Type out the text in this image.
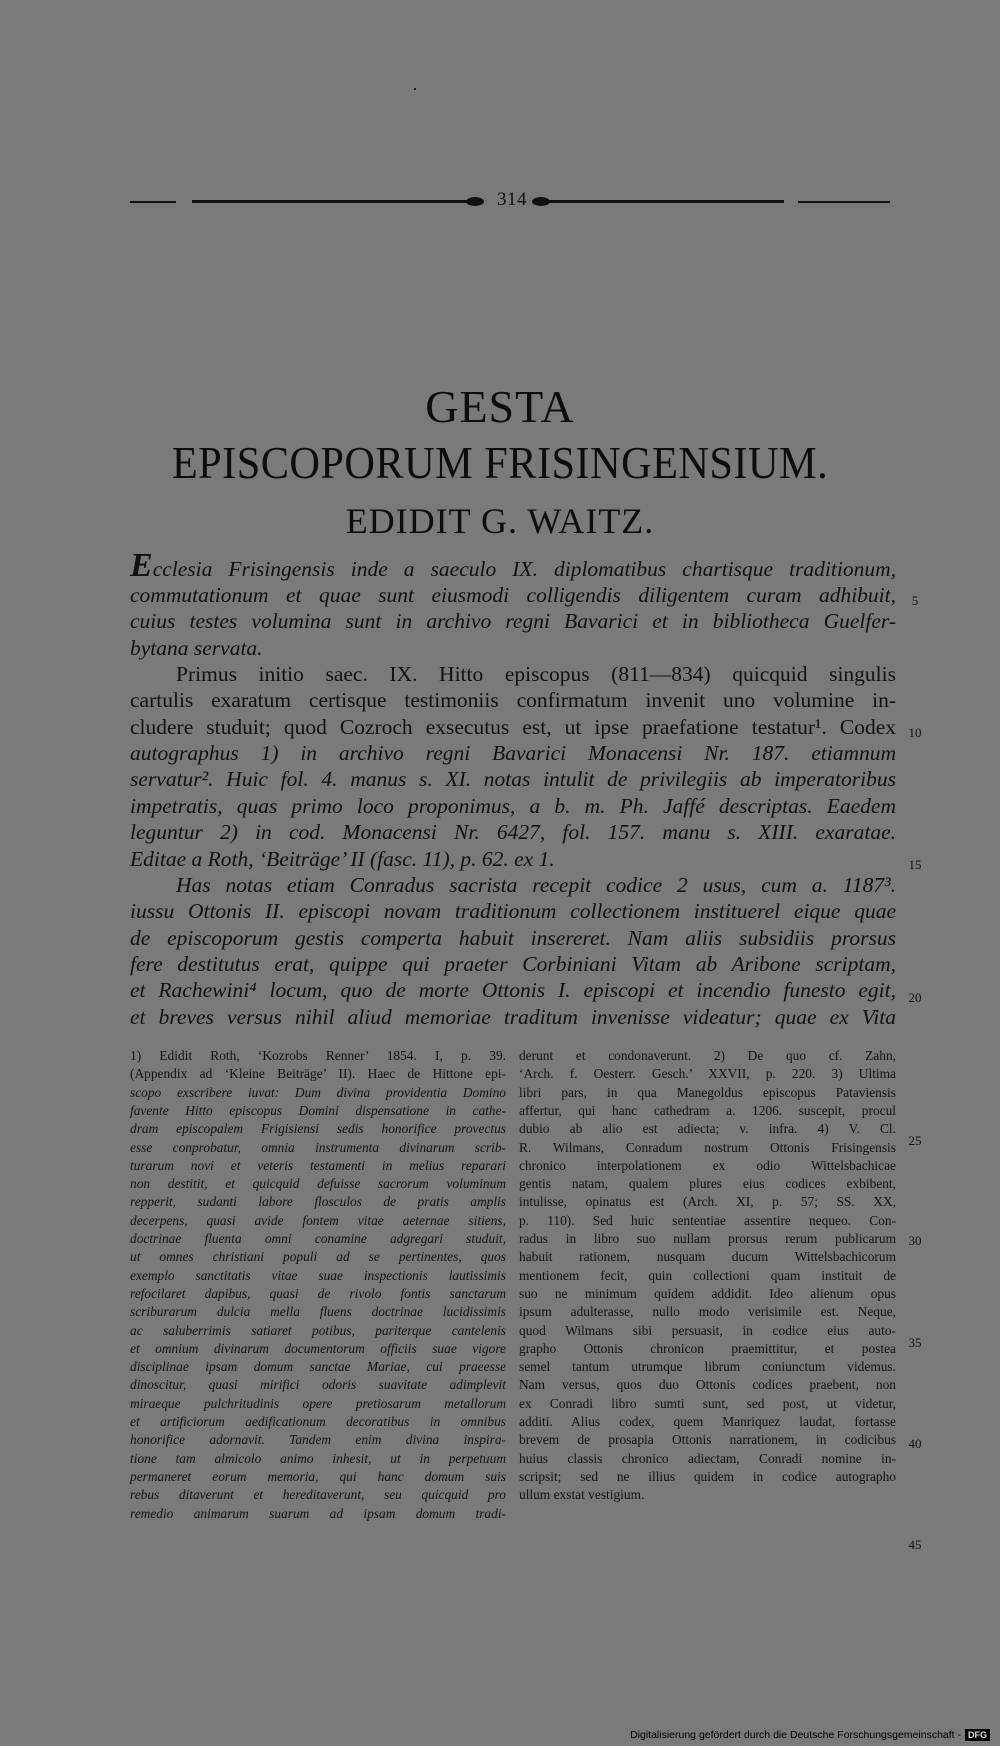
314
GESTA
EPISCOPORUM FRISINGENSIUM.
EDIDIT G. WAITZ.
Ecclesia Frisingensis inde a saeculo IX. diplomatibus chartisque traditionum,
commutationum et quae sunt eiusmodi colligendis diligentem curam adhibuit,
cuius testes volumina sunt in archivo regni Bavarici et in bibliotheca Guelfer-
bytana servata.
Primus initio saec. IX. Hitto episcopus (811—834) quicquid singulis
cartulis exaratum certisque testimoniis confirmatum invenit uno volumine in-
cludere studuit; quod Cozroch exsecutus est, ut ipse praefatione testatur¹. Codex
autographus 1) in archivo regni Bavarici Monacensi Nr. 187. etiamnum
servatur². Huic fol. 4. manus s. XI. notas intulit de privilegiis ab imperatoribus
impetratis, quas primo loco proponimus, a b. m. Ph. Jaffé descriptas. Eaedem
leguntur 2) in cod. Monacensi Nr. 6427, fol. 157. manu s. XIII. exaratae.
Editae a Roth, ‘Beiträge’ II (fasc. 11), p. 62. ex 1.
Has notas etiam Conradus sacrista recepit codice 2 usus, cum a. 1187³.
iussu Ottonis II. episcopi novam traditionum collectionem instituerel eique quae
de episcoporum gestis comperta habuit insereret. Nam aliis subsidiis prorsus
fere destitutus erat, quippe qui praeter Corbiniani Vitam ab Aribone scriptam,
et Rachewini⁴ locum, quo de morte Ottonis I. episcopi et incendio funesto egit,
et breves versus nihil aliud memoriae traditum invenisse videatur; quae ex Vita
5
10
15
20
1) Edidit Roth, ‘Kozrobs Renner’ 1854. I, p. 39.
(Appendix ad ‘Kleine Beiträge’ II). Haec de Hittone epi-
scopo exscribere iuvat: Dum divina providentia Domino
favente Hitto episcopus Domini dispensatione in cathe-
dram episcopalem Frigisiensi sedis honorifice provectus
esse conprobatur, omnia instrumenta divinarum scrib-
turarum novi et veteris testamenti in melius reparari
non destitit, et quicquid defuisse sacrorum voluminum
repperit, sudanti labore flosculos de pratis amplis
decerpens, quasi avide fontem vitae aeternae sitiens,
doctrinae fluenta omni conamine adgregari studuit,
ut omnes christiani populi ad se pertinentes, quos
exemplo sanctitatis vitae suae inspectionis lautissimis
refocilaret dapibus, quasi de rivolo fontis sanctarum
scriburarum dulcia mella fluens doctrinae lucidissimis
ac saluberrimis satiaret potibus, pariterque cantelenis
et omnium divinarum documentorum officiis suae vigore
disciplinae ipsam domum sanctae Mariae, cui praeesse
dinoscitur, quasi mirifici odoris suavitate adimplevit
miraeque pulchritudinis opere pretiosarum metallorum
et artificiorum aedificationum decoratibus in omnibus
honorifice adornavit. Tandem enim divina inspira-
tione tam almicolo animo inhesit, ut in perpetuum
permaneret eorum memoria, qui hanc domum suis
rebus ditaverunt et hereditaverunt, seu quicquid pro
remedio animarum suarum ad ipsam domum tradi-
derunt et condonaverunt. 2) De quo cf. Zahn,
‘Arch. f. Oesterr. Gesch.’ XXVII, p. 220. 3) Ultima
libri pars, in qua Manegoldus episcopus Pataviensis
affertur, qui hanc cathedram a. 1206. suscepit, procul
dubio ab alio est adiecta; v. infra. 4) V. Cl.
R. Wilmans, Conradum nostrum Ottonis Frisingensis
chronico interpolationem ex odio Wittelsbachicae
gentis natam, qualem plures eius codices exbibent,
intulisse, opinatus est (Arch. XI, p. 57; SS. XX,
p. 110). Sed huic sententiae assentire nequeo. Con-
radus in libro suo nullam prorsus rerum publicarum
habuit rationem, nusquam ducum Wittelsbachicorum
mentionem fecit, quin collectioni quam instituit de
suo ne minimum quidem addidit. Ideo alienum opus
ipsum adulterasse, nullo modo verisimile est. Neque,
quod Wilmans sibi persuasit, in codice eius auto-
grapho Ottonis chronicon praemittitur, et postea
semel tantum utrumque librum coniunctum videmus.
Nam versus, quos duo Ottonis codices praebent, non
ex Conradi libro sumti sunt, sed post, ut videtur,
additi. Alius codex, quem Manriquez laudat, fortasse
brevem de prosapia Ottonis narrationem, in codicibus
huius classis chronico adiectam, Conradi nomine in-
scripsit; sed ne illius quidem in codice autographo
ullum exstat vestigium.
25
30
35
40
45
Digitalisierung gefördert durch die Deutsche Forschungsgemeinschaft - DFG
